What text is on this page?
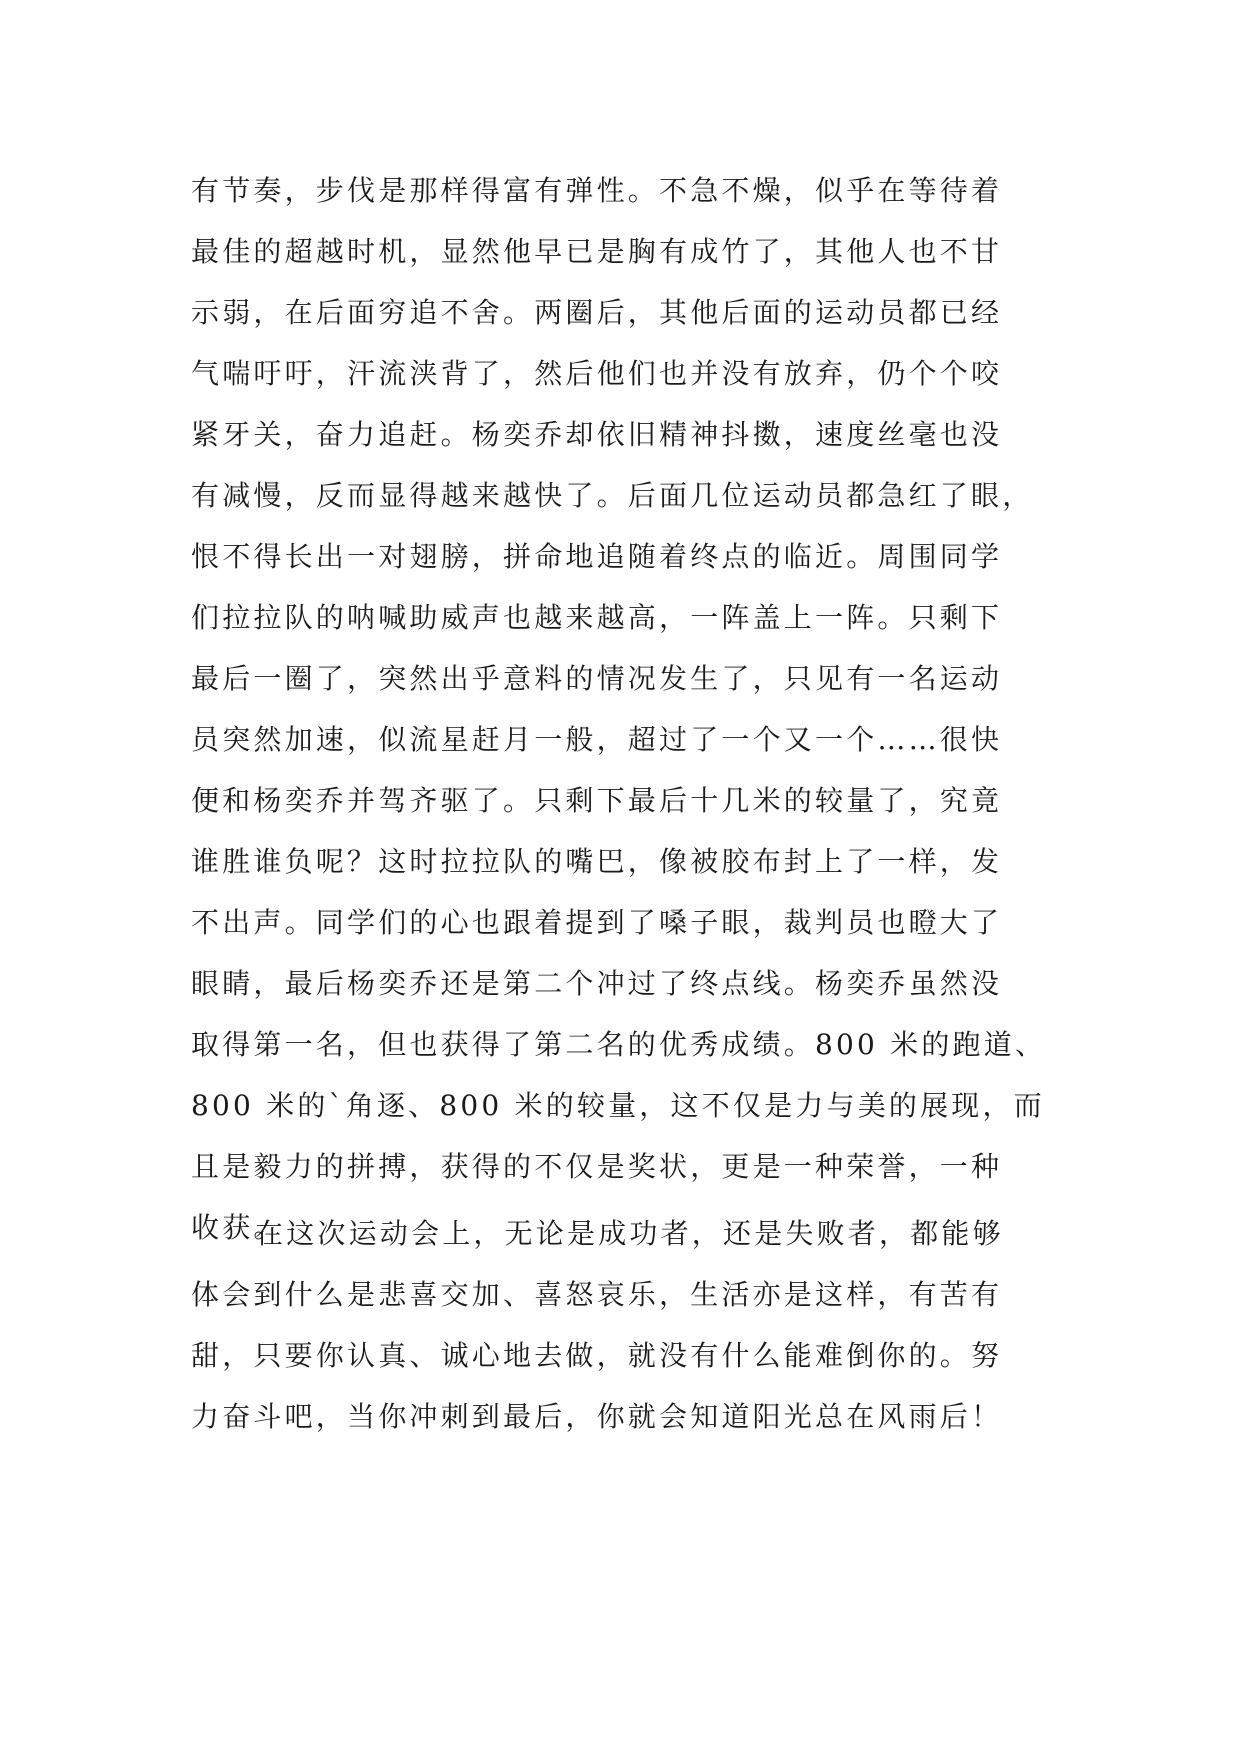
有节奏，步伐是那样得富有弹性。不急不燥，似乎在等待着
最佳的超越时机，显然他早已是胸有成竹了，其他人也不甘
示弱，在后面穷追不舍。两圈后，其他后面的运动员都已经
气喘吁吁，汗流浃背了，然后他们也并没有放弃，仍个个咬
紧牙关，奋力追赶。杨奕乔却依旧精神抖擞，速度丝毫也没
有减慢，反而显得越来越快了。后面几位运动员都急红了眼，
恨不得长出一对翅膀，拼命地追随着终点的临近。周围同学
们拉拉队的呐喊助威声也越来越高，一阵盖上一阵。只剩下
最后一圈了，突然出乎意料的情况发生了，只见有一名运动
员突然加速，似流星赶月一般，超过了一个又一个……很快
便和杨奕乔并驾齐驱了。只剩下最后十几米的较量了，究竟
谁胜谁负呢？这时拉拉队的嘴巴，像被胶布封上了一样，发
不出声。同学们的心也跟着提到了嗓子眼，裁判员也瞪大了
眼睛，最后杨奕乔还是第二个冲过了终点线。杨奕乔虽然没
取得第一名，但也获得了第二名的优秀成绩。800 米的跑道、
800 米的`角逐、800 米的较量，这不仅是力与美的展现，而
且是毅力的拼搏，获得的不仅是奖状，更是一种荣誉，一种
收获。
在这次运动会上，无论是成功者，还是失败者，都能够
体会到什么是悲喜交加、喜怒哀乐，生活亦是这样，有苦有
甜，只要你认真、诚心地去做，就没有什么能难倒你的。努
力奋斗吧，当你冲刺到最后，你就会知道阳光总在风雨后！
